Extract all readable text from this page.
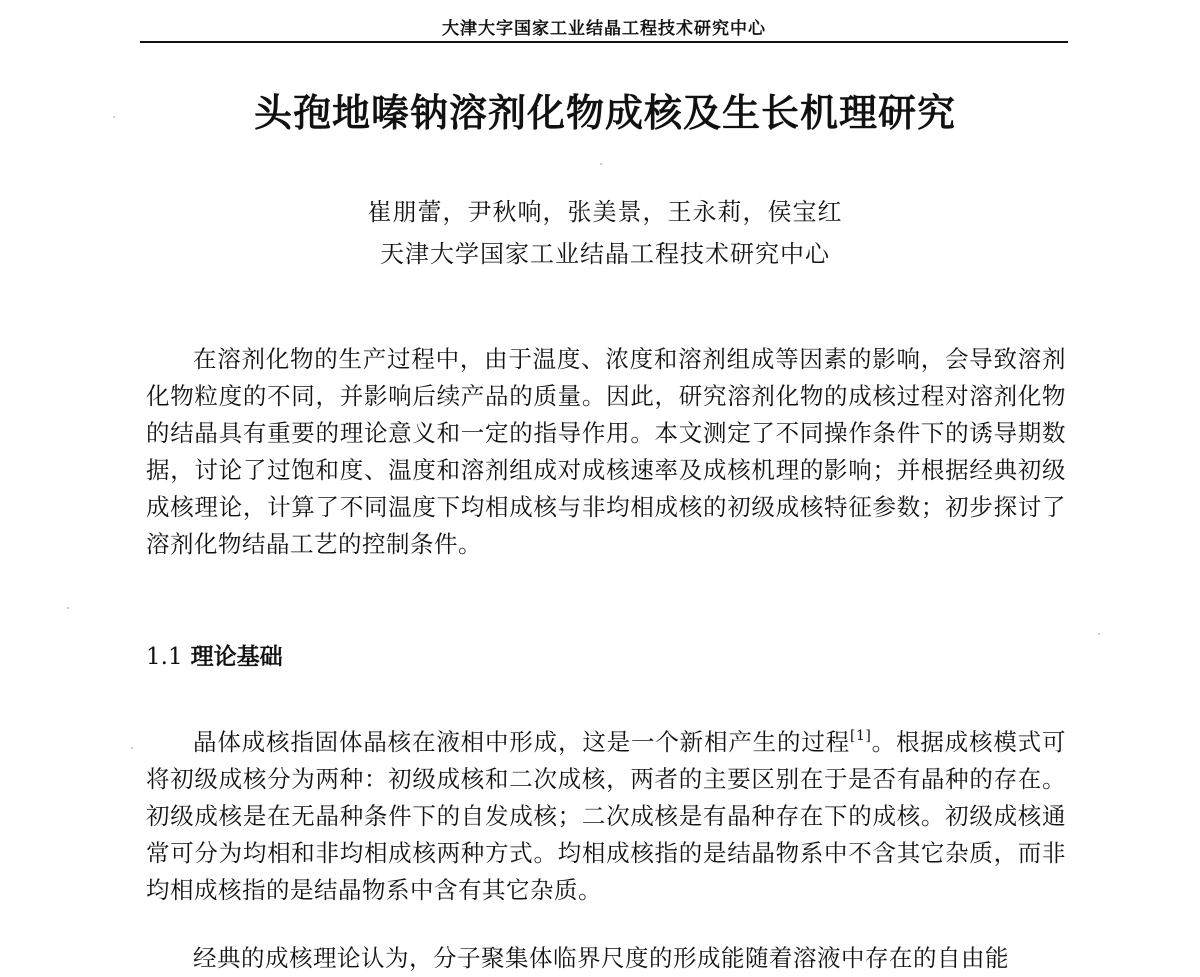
大津大字国家工业结晶工程技术研究中心
头孢地嗪钠溶剂化物成核及生长机理研究
崔朋蕾，尹秋响，张美景，王永莉，侯宝红
天津大学国家工业结晶工程技术研究中心
在溶剂化物的生产过程中，由于温度、浓度和溶剂组成等因素的影响，会导致溶剂化物粒度的不同，并影响后续产品的质量。因此，研究溶剂化物的成核过程对溶剂化物的结晶具有重要的理论意义和一定的指导作用。本文测定了不同操作条件下的诱导期数据，讨论了过饱和度、温度和溶剂组成对成核速率及成核机理的影响；并根据经典初级成核理论，计算了不同温度下均相成核与非均相成核的初级成核特征参数；初步探讨了溶剂化物结晶工艺的控制条件。
1.1 理论基础
晶体成核指固体晶核在液相中形成，这是一个新相产生的过程[1]。根据成核模式可将初级成核分为两种：初级成核和二次成核，两者的主要区别在于是否有晶种的存在。初级成核是在无晶种条件下的自发成核；二次成核是有晶种存在下的成核。初级成核通常可分为均相和非均相成核两种方式。均相成核指的是结晶物系中不含其它杂质，而非均相成核指的是结晶物系中含有其它杂质。
经典的成核理论认为，分子聚集体临界尺度的形成能随着溶液中存在的自由能
